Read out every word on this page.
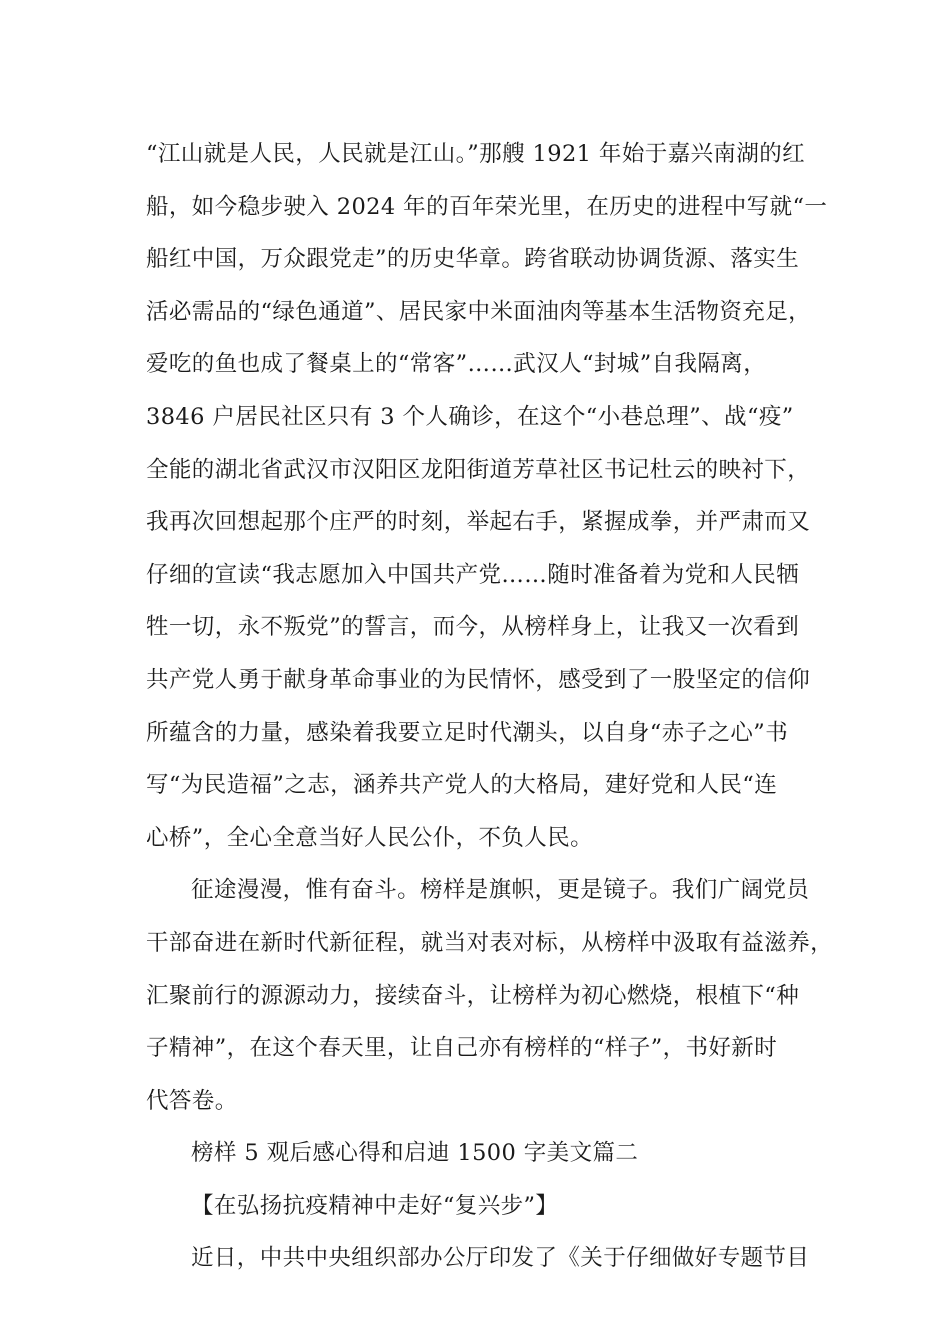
“江山就是人民，人民就是江山。”那艘 1921 年始于嘉兴南湖的红
船，如今稳步驶入 2024 年的百年荣光里，在历史的进程中写就“一
船红中国，万众跟党走”的历史华章。跨省联动协调货源、落实生
活必需品的“绿色通道”、居民家中米面油肉等基本生活物资充足，
爱吃的鱼也成了餐桌上的“常客”……武汉人“封城”自我隔离，
3846 户居民社区只有 3 个人确诊，在这个“小巷总理”、战“疫”
全能的湖北省武汉市汉阳区龙阳街道芳草社区书记杜云的映衬下，
我再次回想起那个庄严的时刻，举起右手，紧握成拳，并严肃而又
仔细的宣读“我志愿加入中国共产党……随时准备着为党和人民牺
牲一切，永不叛党”的誓言，而今，从榜样身上，让我又一次看到
共产党人勇于献身革命事业的为民情怀，感受到了一股坚定的信仰
所蕴含的力量，感染着我要立足时代潮头，以自身“赤子之心”书
写“为民造福”之志，涵养共产党人的大格局，建好党和人民“连
心桥”，全心全意当好人民公仆，不负人民。
征途漫漫，惟有奋斗。榜样是旗帜，更是镜子。我们广阔党员
干部奋进在新时代新征程，就当对表对标，从榜样中汲取有益滋养，
汇聚前行的源源动力，接续奋斗，让榜样为初心燃烧，根植下“种
子精神”，在这个春天里，让自己亦有榜样的“样子”，书好新时
代答卷。
榜样 5 观后感心得和启迪 1500 字美文篇二
【在弘扬抗疫精神中走好“复兴步”】
近日，中共中央组织部办公厅印发了《关于仔细做好专题节目
